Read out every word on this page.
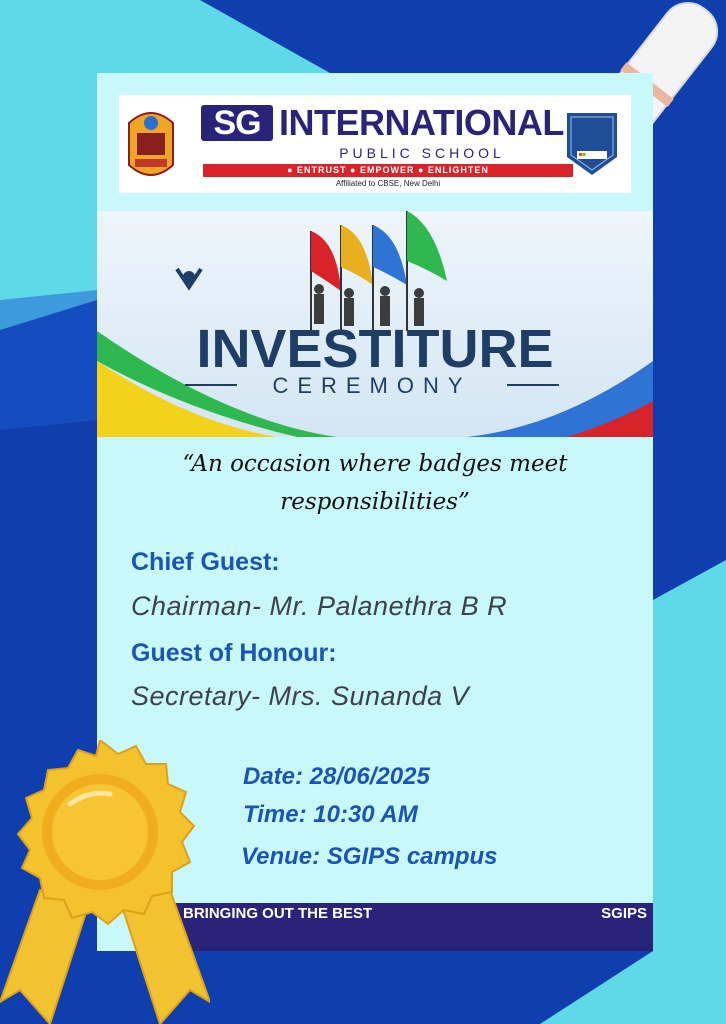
SG INTERNATIONAL
PUBLIC SCHOOL
● ENTRUST ● EMPOWER ● ENLIGHTEN
Affiliated to CBSE, New Delhi
INVESTITURE
CEREMONY
“An occasion where badges meet responsibilities”
Chief Guest:
Chairman- Mr. Palanethra B R
Guest of Honour:
Secretary- Mrs. Sunanda V
Date: 28/06/2025
Time: 10:30 AM
Venue: SGIPS campus
BRINGING OUT THE BEST	SGIPS
